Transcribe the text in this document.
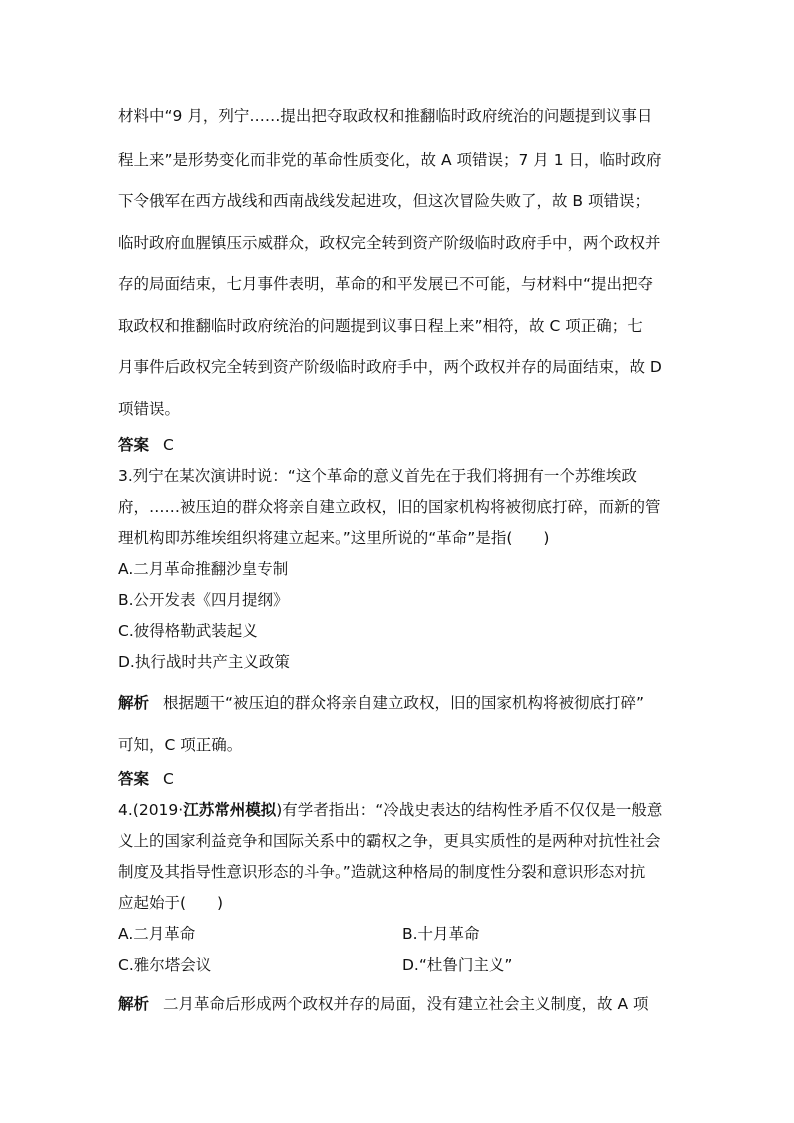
材料中“9 月，列宁……提出把夺取政权和推翻临时政府统治的问题提到议事日
程上来”是形势变化而非党的革命性质变化，故 A 项错误；7 月 1 日，临时政府
下令俄军在西方战线和西南战线发起进攻，但这次冒险失败了，故 B 项错误；
临时政府血腥镇压示威群众，政权完全转到资产阶级临时政府手中，两个政权并
存的局面结束，七月事件表明，革命的和平发展已不可能，与材料中“提出把夺
取政权和推翻临时政府统治的问题提到议事日程上来”相符，故 C 项正确；七
月事件后政权完全转到资产阶级临时政府手中，两个政权并存的局面结束，故 D
项错误。
答案 C
3.列宁在某次演讲时说：“这个革命的意义首先在于我们将拥有一个苏维埃政
府，……被压迫的群众将亲自建立政权，旧的国家机构将被彻底打碎，而新的管
理机构即苏维埃组织将建立起来。”这里所说的“革命”是指(　　)
A.二月革命推翻沙皇专制
B.公开发表《四月提纲》
C.彼得格勒武装起义
D.执行战时共产主义政策
解析 根据题干“被压迫的群众将亲自建立政权，旧的国家机构将被彻底打碎”
可知，C 项正确。
答案 C
4.(2019·江苏常州模拟)有学者指出：“冷战史表达的结构性矛盾不仅仅是一般意
义上的国家利益竞争和国际关系中的霸权之争，更具实质性的是两种对抗性社会
制度及其指导性意识形态的斗争。”造就这种格局的制度性分裂和意识形态对抗
应起始于(　　)
A.二月革命	B.十月革命
C.雅尔塔会议	D.“杜鲁门主义”
解析 二月革命后形成两个政权并存的局面，没有建立社会主义制度，故 A 项
